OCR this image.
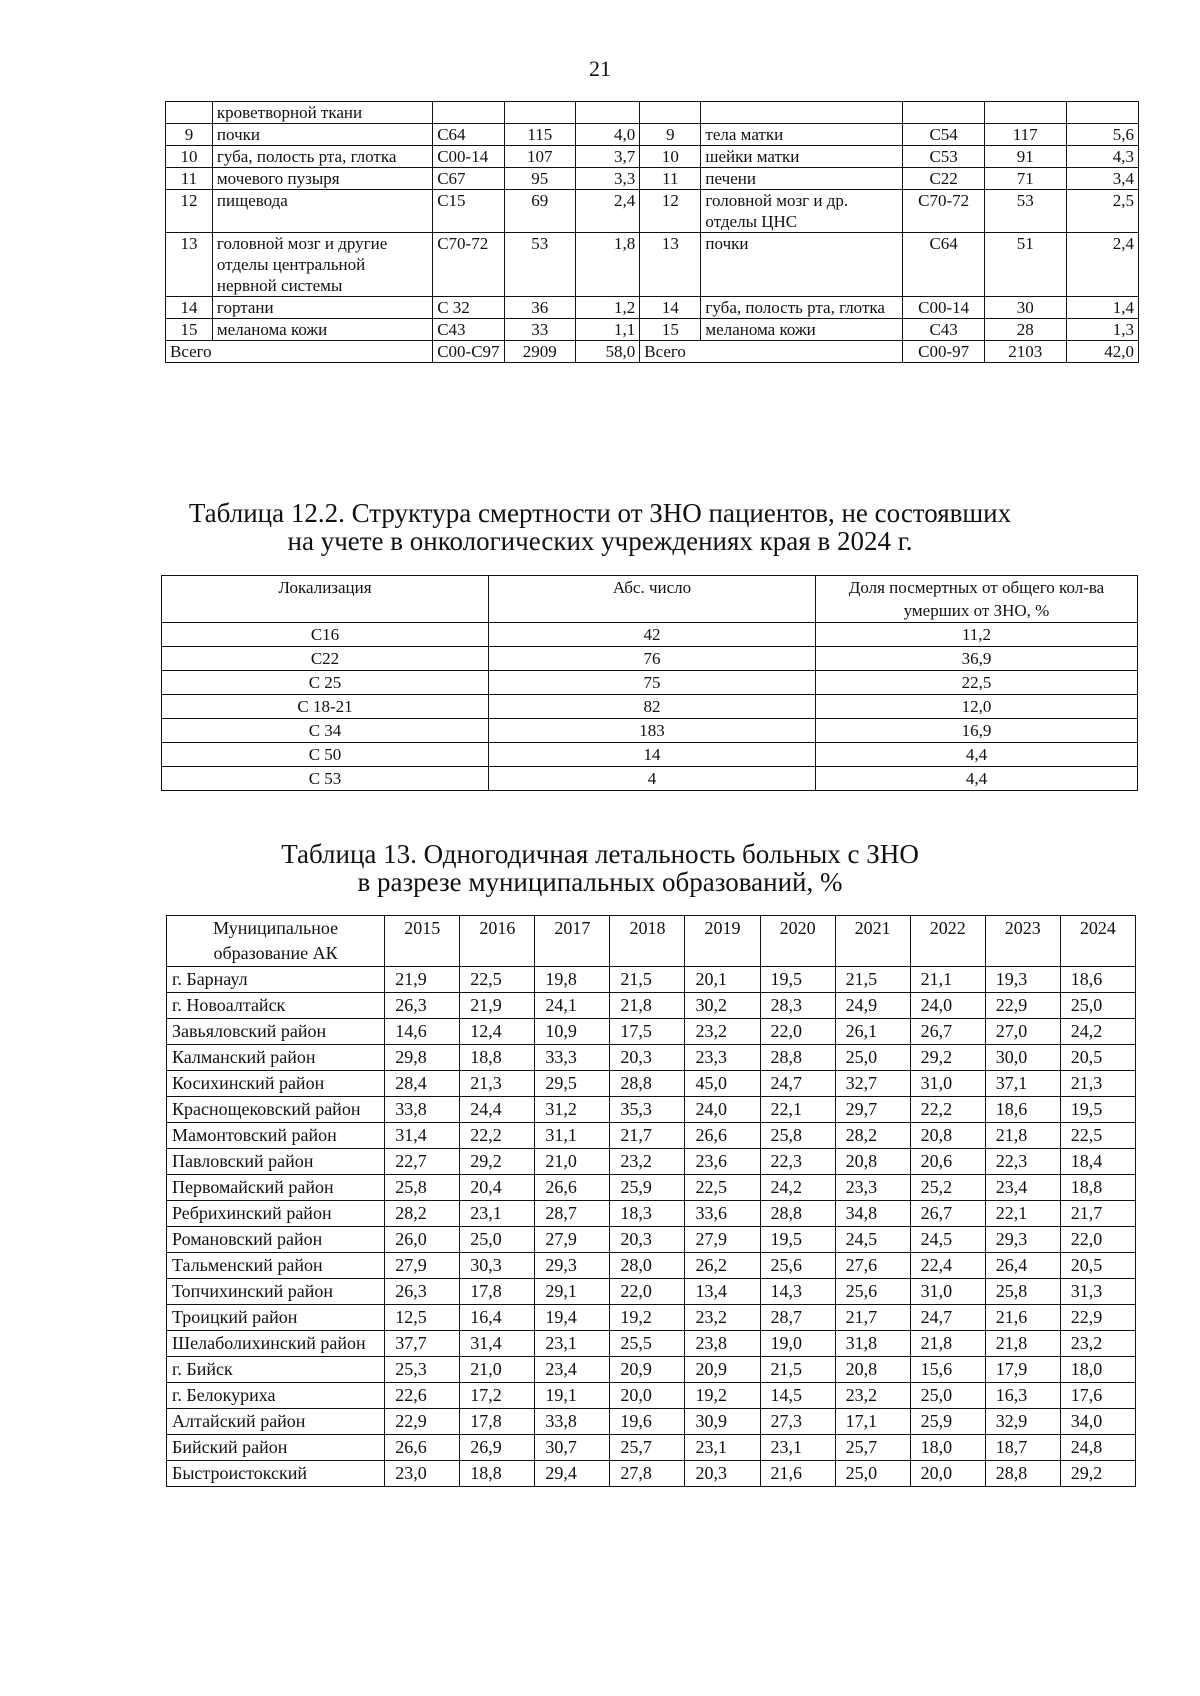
21
	кроветворной ткани								
9	почки	C64	115	4,0	9	тела матки	C54	117	5,6
10	губа, полость рта, глотка	C00-14	107	3,7	10	шейки матки	C53	91	4,3
11	мочевого пузыря	C67	95	3,3	11	печени	C22	71	3,4
12	пищевода	C15	69	2,4	12	головной мозг и др. отделы ЦНС	C70-72	53	2,5
13	головной мозг и другие отделы центральной нервной системы	C70-72	53	1,8	13	почки	C64	51	2,4
14	гортани	C 32	36	1,2	14	губа, полость рта, глотка	C00-14	30	1,4
15	меланома кожи	C43	33	1,1	15	меланома кожи	C43	28	1,3
Всего		C00-C97	2909	58,0	Всего		C00-97	2103	42,0
Таблица 12.2. Структура смертности от ЗНО пациентов, не состоявших
на учете в онкологических учреждениях края в 2024 г.
Локализация	Абс. число	Доля посмертных от общего кол-ва умерших от ЗНО, %
C16	42	11,2
C22	76	36,9
C 25	75	22,5
C 18-21	82	12,0
C 34	183	16,9
C 50	14	4,4
C 53	4	4,4
Таблица 13. Одногодичная летальность больных с ЗНО
в разрезе муниципальных образований, %
Муниципальное образование АК	2015	2016	2017	2018	2019	2020	2021	2022	2023	2024
г. Барнаул	21,9	22,5	19,8	21,5	20,1	19,5	21,5	21,1	19,3	18,6
г. Новоалтайск	26,3	21,9	24,1	21,8	30,2	28,3	24,9	24,0	22,9	25,0
Завьяловский район	14,6	12,4	10,9	17,5	23,2	22,0	26,1	26,7	27,0	24,2
Калманский район	29,8	18,8	33,3	20,3	23,3	28,8	25,0	29,2	30,0	20,5
Косихинский район	28,4	21,3	29,5	28,8	45,0	24,7	32,7	31,0	37,1	21,3
Краснощековский район	33,8	24,4	31,2	35,3	24,0	22,1	29,7	22,2	18,6	19,5
Мамонтовский район	31,4	22,2	31,1	21,7	26,6	25,8	28,2	20,8	21,8	22,5
Павловский район	22,7	29,2	21,0	23,2	23,6	22,3	20,8	20,6	22,3	18,4
Первомайский район	25,8	20,4	26,6	25,9	22,5	24,2	23,3	25,2	23,4	18,8
Ребрихинский район	28,2	23,1	28,7	18,3	33,6	28,8	34,8	26,7	22,1	21,7
Романовский район	26,0	25,0	27,9	20,3	27,9	19,5	24,5	24,5	29,3	22,0
Тальменский район	27,9	30,3	29,3	28,0	26,2	25,6	27,6	22,4	26,4	20,5
Топчихинский район	26,3	17,8	29,1	22,0	13,4	14,3	25,6	31,0	25,8	31,3
Троицкий район	12,5	16,4	19,4	19,2	23,2	28,7	21,7	24,7	21,6	22,9
Шелаболихинский район	37,7	31,4	23,1	25,5	23,8	19,0	31,8	21,8	21,8	23,2
г. Бийск	25,3	21,0	23,4	20,9	20,9	21,5	20,8	15,6	17,9	18,0
г. Белокуриха	22,6	17,2	19,1	20,0	19,2	14,5	23,2	25,0	16,3	17,6
Алтайский район	22,9	17,8	33,8	19,6	30,9	27,3	17,1	25,9	32,9	34,0
Бийский район	26,6	26,9	30,7	25,7	23,1	23,1	25,7	18,0	18,7	24,8
Быстроистокский	23,0	18,8	29,4	27,8	20,3	21,6	25,0	20,0	28,8	29,2
